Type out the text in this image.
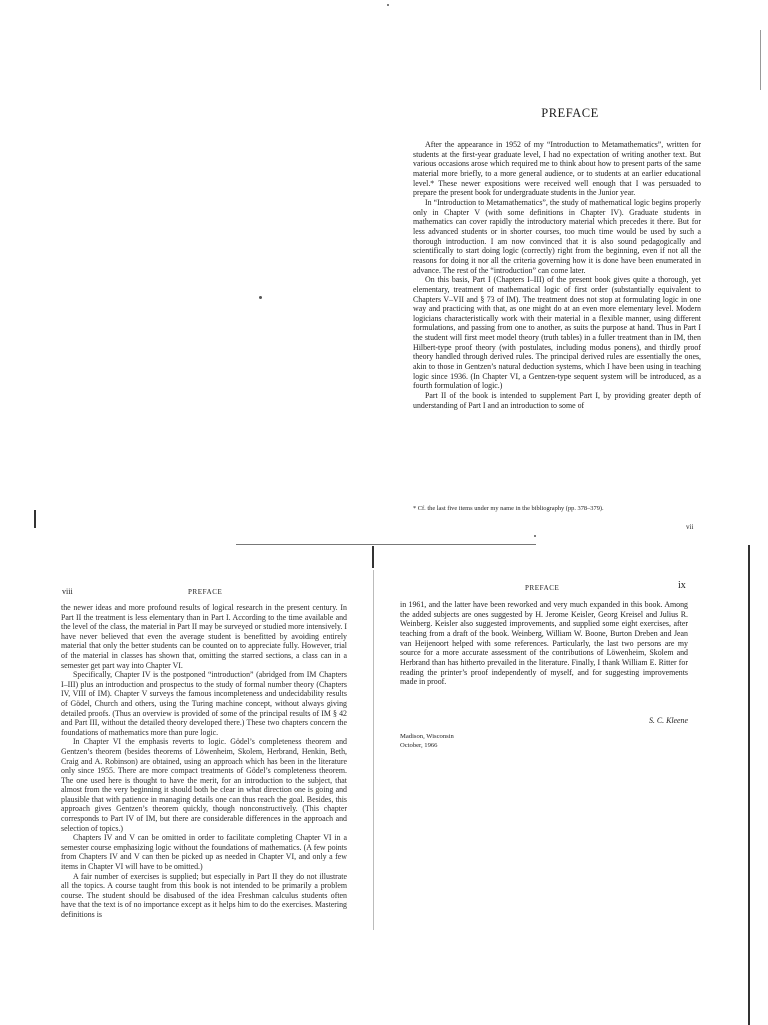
PREFACE

After the appearance in 1952 of my “Introduction to Metamathematics”, written for students at the first-year graduate level, I had no expectation of writing another text. But various occasions arose which required me to think about how to present parts of the same material more briefly, to a more general audience, or to students at an earlier educational level.* These newer expositions were received well enough that I was persuaded to prepare the present book for undergraduate students in the Junior year.

In “Introduction to Metamathematics”, the study of mathematical logic begins properly only in Chapter V (with some definitions in Chapter IV). Graduate students in mathematics can cover rapidly the introductory material which precedes it there. But for less advanced students or in shorter courses, too much time would be used by such a thorough introduction. I am now convinced that it is also sound pedagogically and scientifically to start doing logic (correctly) right from the beginning, even if not all the reasons for doing it nor all the criteria governing how it is done have been enumerated in advance. The rest of the “introduction” can come later.

On this basis, Part I (Chapters I–III) of the present book gives quite a thorough, yet elementary, treatment of mathematical logic of first order (substantially equivalent to Chapters V–VII and § 73 of IM). The treatment does not stop at formulating logic in one way and practicing with that, as one might do at an even more elementary level. Modern logicians characteristically work with their material in a flexible manner, using different formulations, and passing from one to another, as suits the purpose at hand. Thus in Part I the student will first meet model theory (truth tables) in a fuller treatment than in IM, then Hilbert-type proof theory (with postulates, including modus ponens), and thirdly proof theory handled through derived rules. The principal derived rules are essentially the ones, akin to those in Gentzen’s natural deduction systems, which I have been using in teaching logic since 1936. (In Chapter VI, a Gentzen-type sequent system will be introduced, as a fourth formulation of logic.)

Part II of the book is intended to supplement Part I, by providing greater depth of understanding of Part I and an introduction to some of

* Cf. the last five items under my name in the bibliography (pp. 378–379).
vii
viii	PREFACE

the newer ideas and more profound results of logical research in the present century. In Part II the treatment is less elementary than in Part I. According to the time available and the level of the class, the material in Part II may be surveyed or studied more intensively. I have never believed that even the average student is benefitted by avoiding entirely material that only the better students can be counted on to appreciate fully. However, trial of the material in classes has shown that, omitting the starred sections, a class can in a semester get part way into Chapter VI.

Specifically, Chapter IV is the postponed “introduction” (abridged from IM Chapters I–III) plus an introduction and prospectus to the study of formal number theory (Chapters IV, VIII of IM). Chapter V surveys the famous incompleteness and undecidability results of Gödel, Church and others, using the Turing machine concept, without always giving detailed proofs. (Thus an overview is provided of some of the principal results of IM § 42 and Part III, without the detailed theory developed there.) These two chapters concern the foundations of mathematics more than pure logic.

In Chapter VI the emphasis reverts to logic. Gödel’s completeness theorem and Gentzen’s theorem (besides theorems of Löwenheim, Skolem, Herbrand, Henkin, Beth, Craig and A. Robinson) are obtained, using an approach which has been in the literature only since 1955. There are more compact treatments of Gödel’s completeness theorem. The one used here is thought to have the merit, for an introduction to the subject, that almost from the very beginning it should both be clear in what direction one is going and plausible that with patience in managing details one can thus reach the goal. Besides, this approach gives Gentzen’s theorem quickly, though nonconstructively. (This chapter corresponds to Part IV of IM, but there are considerable differences in the approach and selection of topics.)

Chapters IV and V can be omitted in order to facilitate completing Chapter VI in a semester course emphasizing logic without the foundations of mathematics. (A few points from Chapters IV and V can then be picked up as needed in Chapter VI, and only a few items in Chapter VI will have to be omitted.)

A fair number of exercises is supplied; but especially in Part II they do not illustrate all the topics. A course taught from this book is not intended to be primarily a problem course. The student should be disabused of the idea Freshman calculus students often have that the text is of no importance except as it helps him to do the exercises. Mastering definitions is

PREFACE	ix

in 1961, and the latter have been reworked and very much expanded in this book. Among the added subjects are ones suggested by H. Jerome Keisler, Georg Kreisel and Julius R. Weinberg. Keisler also suggested improvements, and supplied some eight exercises, after teaching from a draft of the book. Weinberg, William W. Boone, Burton Dreben and Jean van Heijenoort helped with some references. Particularly, the last two persons are my source for a more accurate assessment of the contributions of Löwenheim, Skolem and Herbrand than has hitherto prevailed in the literature. Finally, I thank William E. Ritter for reading the printer’s proof independently of myself, and for suggesting improvements made in proof.

S. C. Kleene
Madison, Wisconsin
October, 1966
